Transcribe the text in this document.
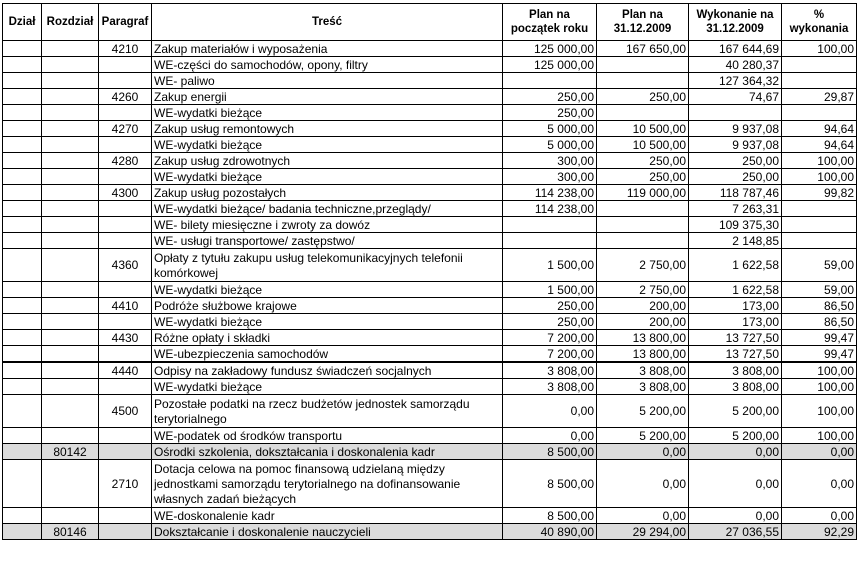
Dział	Rozdział	Paragraf	Treść	Plan na początek roku	Plan na 31.12.2009	Wykonanie na 31.12.2009	% wykonania
		4210	Zakup materiałów i wyposażenia	125 000,00	167 650,00	167 644,69	100,00
			WE-części do samochodów, opony, filtry	125 000,00		40 280,37	
			WE- paliwo			127 364,32	
		4260	Zakup energii	250,00	250,00	74,67	29,87
			WE-wydatki bieżące	250,00			
		4270	Zakup usług remontowych	5 000,00	10 500,00	9 937,08	94,64
			WE-wydatki bieżące	5 000,00	10 500,00	9 937,08	94,64
		4280	Zakup usług zdrowotnych	300,00	250,00	250,00	100,00
			WE-wydatki bieżące	300,00	250,00	250,00	100,00
		4300	Zakup usług pozostałych	114 238,00	119 000,00	118 787,46	99,82
			WE-wydatki bieżące/ badania techniczne,przeglądy/	114 238,00		7 263,31	
			WE- bilety miesięczne i zwroty za dowóz			109 375,30	
			WE- usługi transportowe/ zastępstwo/			2 148,85	
		4360	Opłaty z tytułu zakupu usług telekomunikacyjnych telefonii komórkowej	1 500,00	2 750,00	1 622,58	59,00
			WE-wydatki bieżące	1 500,00	2 750,00	1 622,58	59,00
		4410	Podróże służbowe krajowe	250,00	200,00	173,00	86,50
			WE-wydatki bieżące	250,00	200,00	173,00	86,50
		4430	Różne opłaty i składki	7 200,00	13 800,00	13 727,50	99,47
			WE-ubezpieczenia samochodów	7 200,00	13 800,00	13 727,50	99,47
		4440	Odpisy na zakładowy fundusz świadczeń socjalnych	3 808,00	3 808,00	3 808,00	100,00
			WE-wydatki bieżące	3 808,00	3 808,00	3 808,00	100,00
		4500	Pozostałe podatki na rzecz budżetów jednostek samorządu terytorialnego	0,00	5 200,00	5 200,00	100,00
			WE-podatek od środków transportu	0,00	5 200,00	5 200,00	100,00
	80142		Ośrodki szkolenia, dokształcania i doskonalenia kadr	8 500,00	0,00	0,00	0,00
		2710	Dotacja celowa na pomoc finansową udzielaną między jednostkami samorządu terytorialnego na dofinansowanie własnych zadań bieżących	8 500,00	0,00	0,00	0,00
			WE-doskonalenie kadr	8 500,00	0,00	0,00	0,00
	80146		Dokształcanie i doskonalenie nauczycieli	40 890,00	29 294,00	27 036,55	92,29
